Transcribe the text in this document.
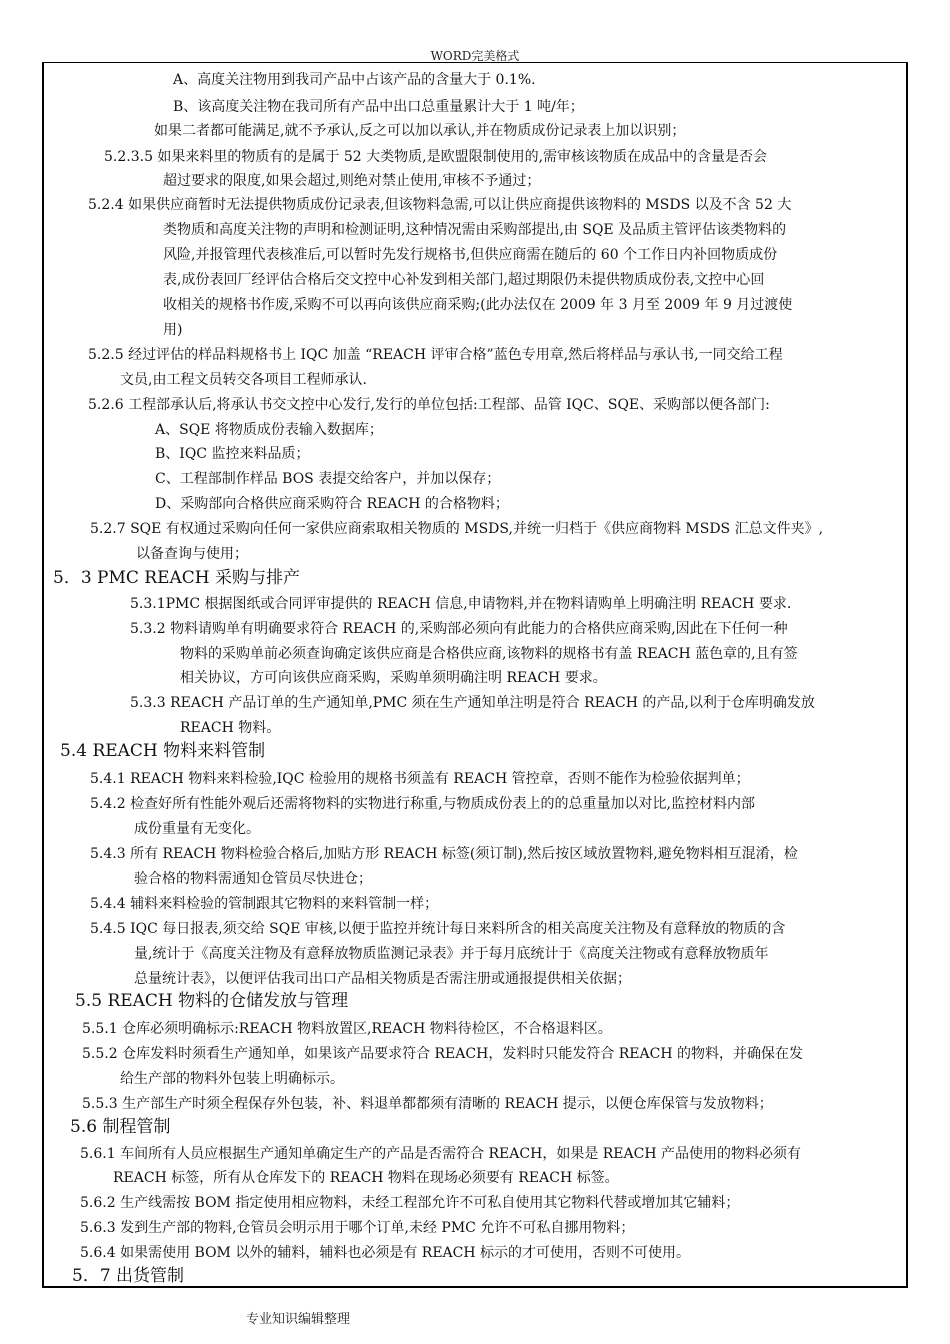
WORD完美格式
A、高度关注物用到我司产品中占该产品的含量大于 0.1%.
B、该高度关注物在我司所有产品中出口总重量累计大于 1 吨/年；
如果二者都可能满足,就不予承认,反之可以加以承认,并在物质成份记录表上加以识别；
5.2.3.5 如果来料里的物质有的是属于 52 大类物质,是欧盟限制使用的,需审核该物质在成品中的含量是否会
超过要求的限度,如果会超过,则绝对禁止使用,审核不予通过；
5.2.4 如果供应商暂时无法提供物质成份记录表,但该物料急需,可以让供应商提供该物料的 MSDS 以及不含 52 大
类物质和高度关注物的声明和检测证明,这种情况需由采购部提出,由 SQE 及品质主管评估该类物料的
风险,并报管理代表核准后,可以暂时先发行规格书,但供应商需在随后的 60 个工作日内补回物质成份
表,成份表回厂经评估合格后交文控中心补发到相关部门,超过期限仍未提供物质成份表,文控中心回
收相关的规格书作废,采购不可以再向该供应商采购;(此办法仅在 2009 年 3 月至 2009 年 9 月过渡使
用)
5.2.5 经过评估的样品料规格书上 IQC 加盖 “REACH 评审合格”蓝色专用章,然后将样品与承认书,一同交给工程
文员,由工程文员转交各项目工程师承认.
5.2.6 工程部承认后,将承认书交文控中心发行,发行的单位包括:工程部、品管 IQC、SQE、采购部以便各部门:
A、SQE 将物质成份表输入数据库；
B、IQC 监控来料品质；
C、工程部制作样品 BOS 表提交给客户，并加以保存；
D、采购部向合格供应商采购符合 REACH 的合格物料；
5.2.7 SQE 有权通过采购向任何一家供应商索取相关物质的 MSDS,并统一归档于《供应商物料 MSDS 汇总文件夹》,
以备查询与使用；
5．3 PMC REACH 采购与排产
5.3.1PMC 根据图纸或合同评审提供的 REACH 信息,申请物料,并在物料请购单上明确注明 REACH 要求.
5.3.2 物料请购单有明确要求符合 REACH 的,采购部必须向有此能力的合格供应商采购,因此在下任何一种
物料的采购单前必须查询确定该供应商是合格供应商,该物料的规格书有盖 REACH 蓝色章的,且有签
相关协议，方可向该供应商采购，采购单须明确注明 REACH 要求。
5.3.3 REACH 产品订单的生产通知单,PMC 须在生产通知单注明是符合 REACH 的产品,以利于仓库明确发放
REACH 物料。
5.4 REACH 物料来料管制
5.4.1 REACH 物料来料检验,IQC 检验用的规格书须盖有 REACH 管控章，否则不能作为检验依据判单；
5.4.2 检查好所有性能外观后还需将物料的实物进行称重,与物质成份表上的的总重量加以对比,监控材料内部
成份重量有无变化。
5.4.3 所有 REACH 物料检验合格后,加贴方形 REACH 标签(须订制),然后按区域放置物料,避免物料相互混淆，检
验合格的物料需通知仓管员尽快进仓；
5.4.4 辅料来料检验的管制跟其它物料的来料管制一样；
5.4.5 IQC 每日报表,须交给 SQE 审核,以便于监控并统计每日来料所含的相关高度关注物及有意释放的物质的含
量,统计于《高度关注物及有意释放物质监测记录表》并于每月底统计于《高度关注物或有意释放物质年
总量统计表》，以便评估我司出口产品相关物质是否需注册或通报提供相关依据；
5.5 REACH 物料的仓储发放与管理
5.5.1 仓库必须明确标示:REACH 物料放置区,REACH 物料待检区，不合格退料区。
5.5.2 仓库发料时须看生产通知单，如果该产品要求符合 REACH，发料时只能发符合 REACH 的物料，并确保在发
给生产部的物料外包装上明确标示。
5.5.3 生产部生产时须全程保存外包装，补、料退单都都须有清晰的 REACH 提示，以便仓库保管与发放物料；
5.6 制程管制
5.6.1 车间所有人员应根据生产通知单确定生产的产品是否需符合 REACH，如果是 REACH 产品使用的物料必须有
REACH 标签，所有从仓库发下的 REACH 物料在现场必须要有 REACH 标签。
5.6.2 生产线需按 BOM 指定使用相应物料，未经工程部允许不可私自使用其它物料代替或增加其它辅料；
5.6.3 发到生产部的物料,仓管员会明示用于哪个订单,未经 PMC 允许不可私自挪用物料；
5.6.4 如果需使用 BOM 以外的辅料，辅料也必须是有 REACH 标示的才可使用，否则不可使用。
5．7 出货管制
专业知识编辑整理
